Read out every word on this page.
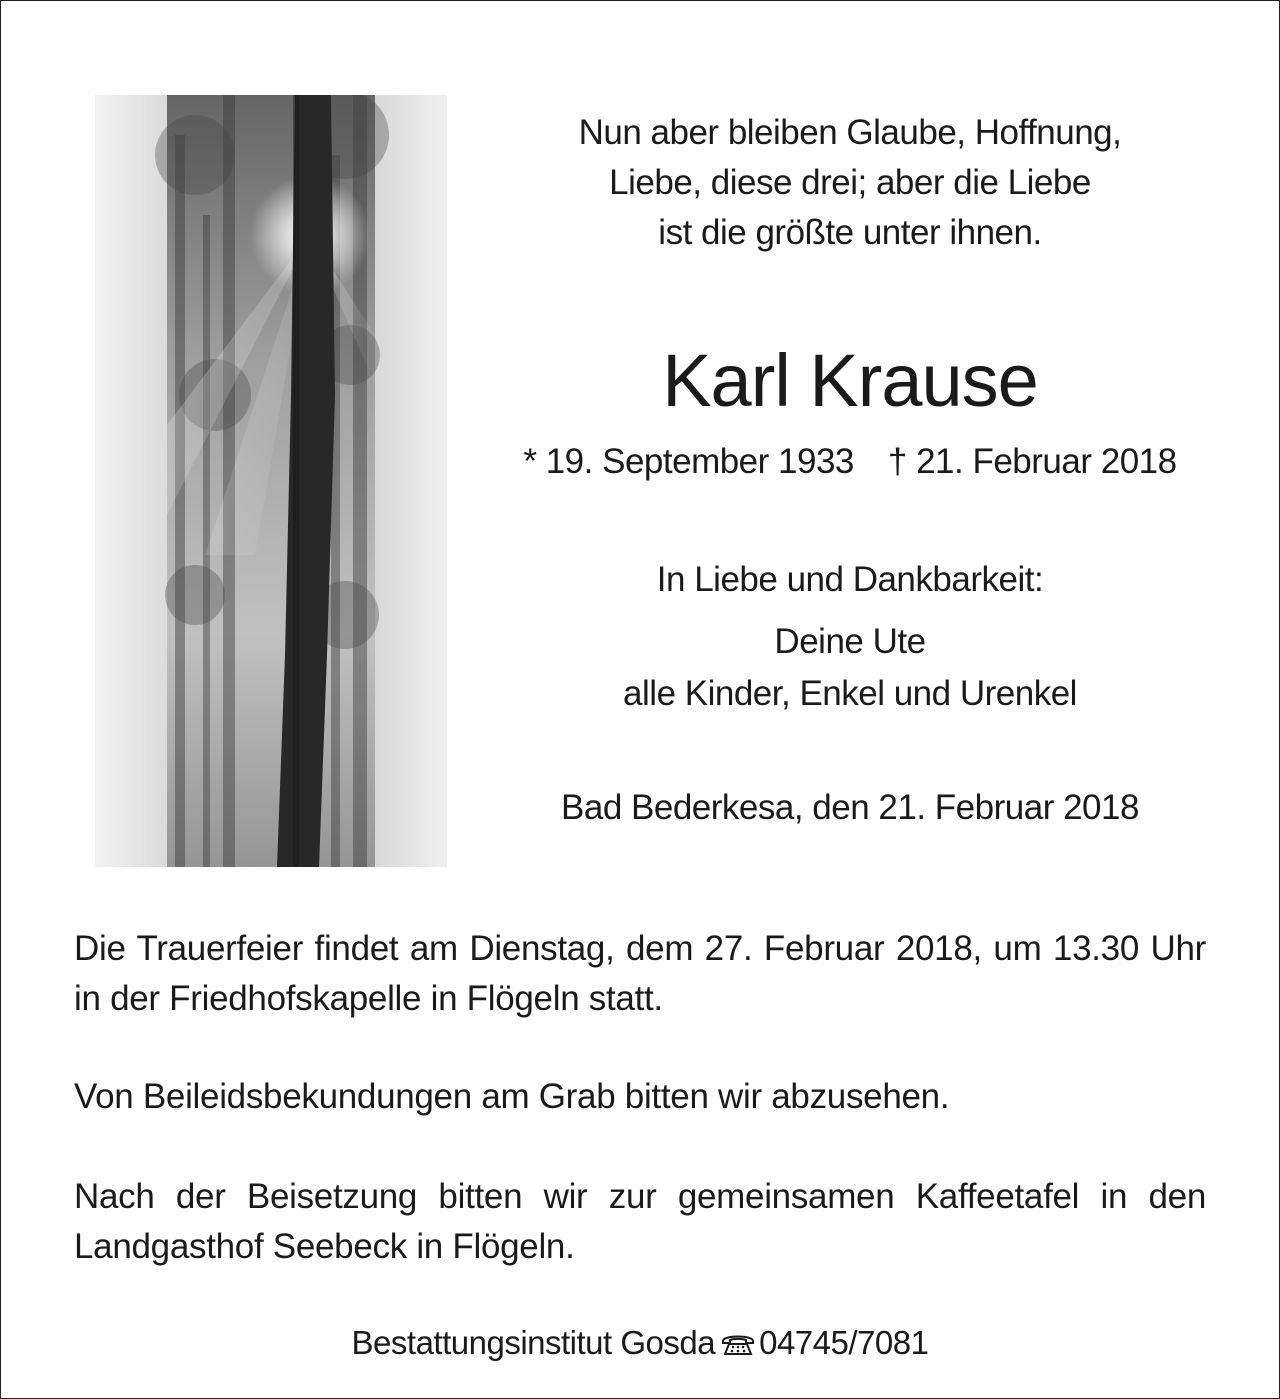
Nun aber bleiben Glaube, Hoffnung,
Liebe, diese drei; aber die Liebe
ist die größte unter ihnen.
Karl Krause
* 19. September 1933 † 21. Februar 2018
In Liebe und Dankbarkeit:
Deine Ute
alle Kinder, Enkel und Urenkel
Bad Bederkesa, den 21. Februar 2018
Die Trauerfeier findet am Dienstag, dem 27. Februar 2018, um 13.30 Uhr in der Friedhofskapelle in Flögeln statt.
Von Beileidsbekundungen am Grab bitten wir abzusehen.
Nach der Beisetzung bitten wir zur gemeinsamen Kaffeetafel in den Landgasthof Seebeck in Flögeln.
Bestattungsinstitut Gosda 04745/7081
